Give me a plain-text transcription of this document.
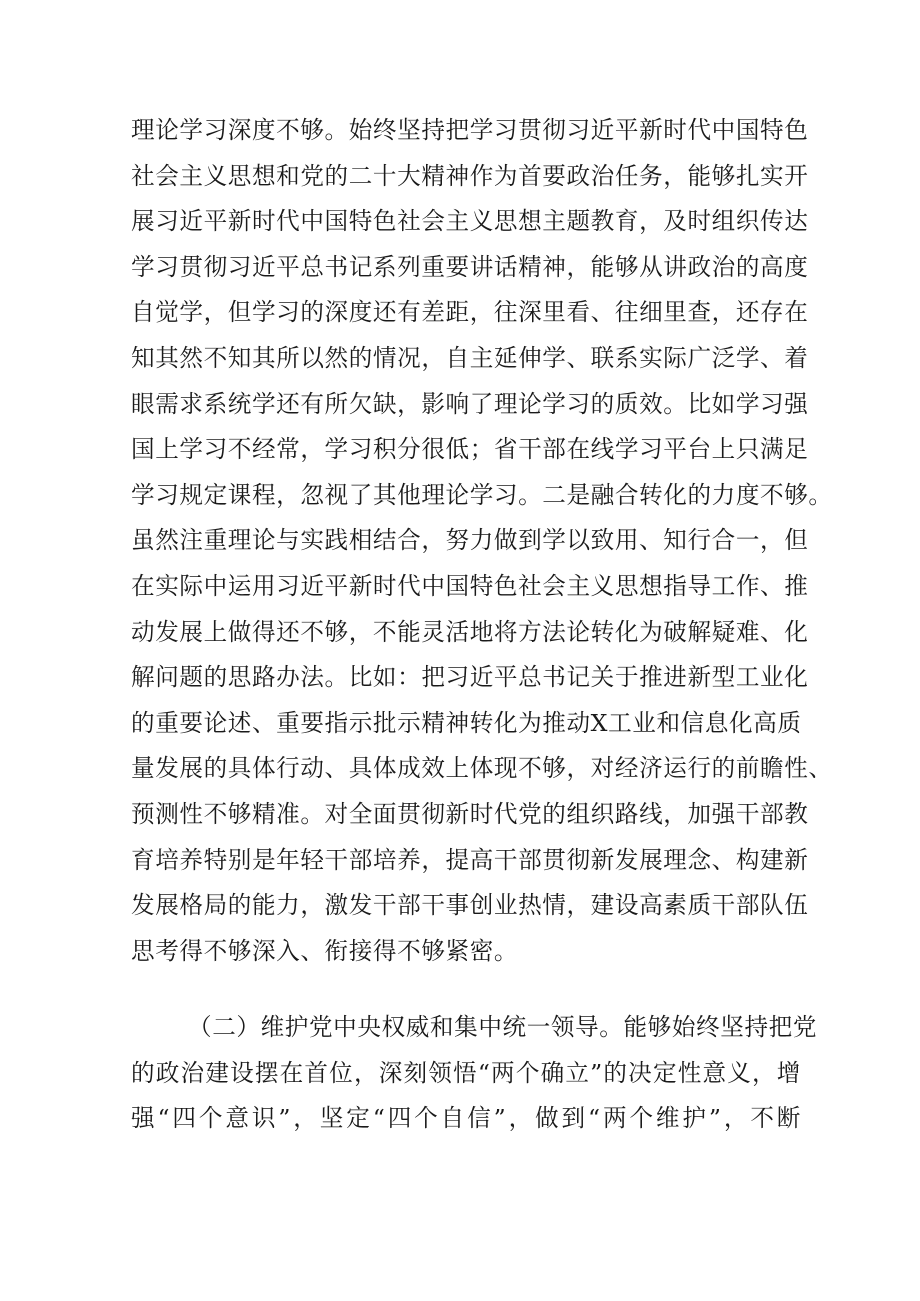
理论学习深度不够。始终坚持把学习贯彻习近平新时代中国特色
社会主义思想和党的二十大精神作为首要政治任务，能够扎实开
展习近平新时代中国特色社会主义思想主题教育，及时组织传达
学习贯彻习近平总书记系列重要讲话精神，能够从讲政治的高度
自觉学，但学习的深度还有差距，往深里看、往细里查，还存在
知其然不知其所以然的情况，自主延伸学、联系实际广泛学、着
眼需求系统学还有所欠缺，影响了理论学习的质效。比如学习强
国上学习不经常，学习积分很低；省干部在线学习平台上只满足
学习规定课程，忽视了其他理论学习。二是融合转化的力度不够。
虽然注重理论与实践相结合，努力做到学以致用、知行合一，但
在实际中运用习近平新时代中国特色社会主义思想指导工作、推
动发展上做得还不够，不能灵活地将方法论转化为破解疑难、化
解问题的思路办法。比如：把习近平总书记关于推进新型工业化
的重要论述、重要指示批示精神转化为推动X工业和信息化高质
量发展的具体行动、具体成效上体现不够，对经济运行的前瞻性、
预测性不够精准。对全面贯彻新时代党的组织路线，加强干部教
育培养特别是年轻干部培养，提高干部贯彻新发展理念、构建新
发展格局的能力，激发干部干事创业热情，建设高素质干部队伍
思考得不够深入、衔接得不够紧密。
（二）维护党中央权威和集中统一领导。能够始终坚持把党
的政治建设摆在首位，深刻领悟“两个确立”的决定性意义，增
强“四个意识”，坚定“四个自信”，做到“两个维护”，不断
